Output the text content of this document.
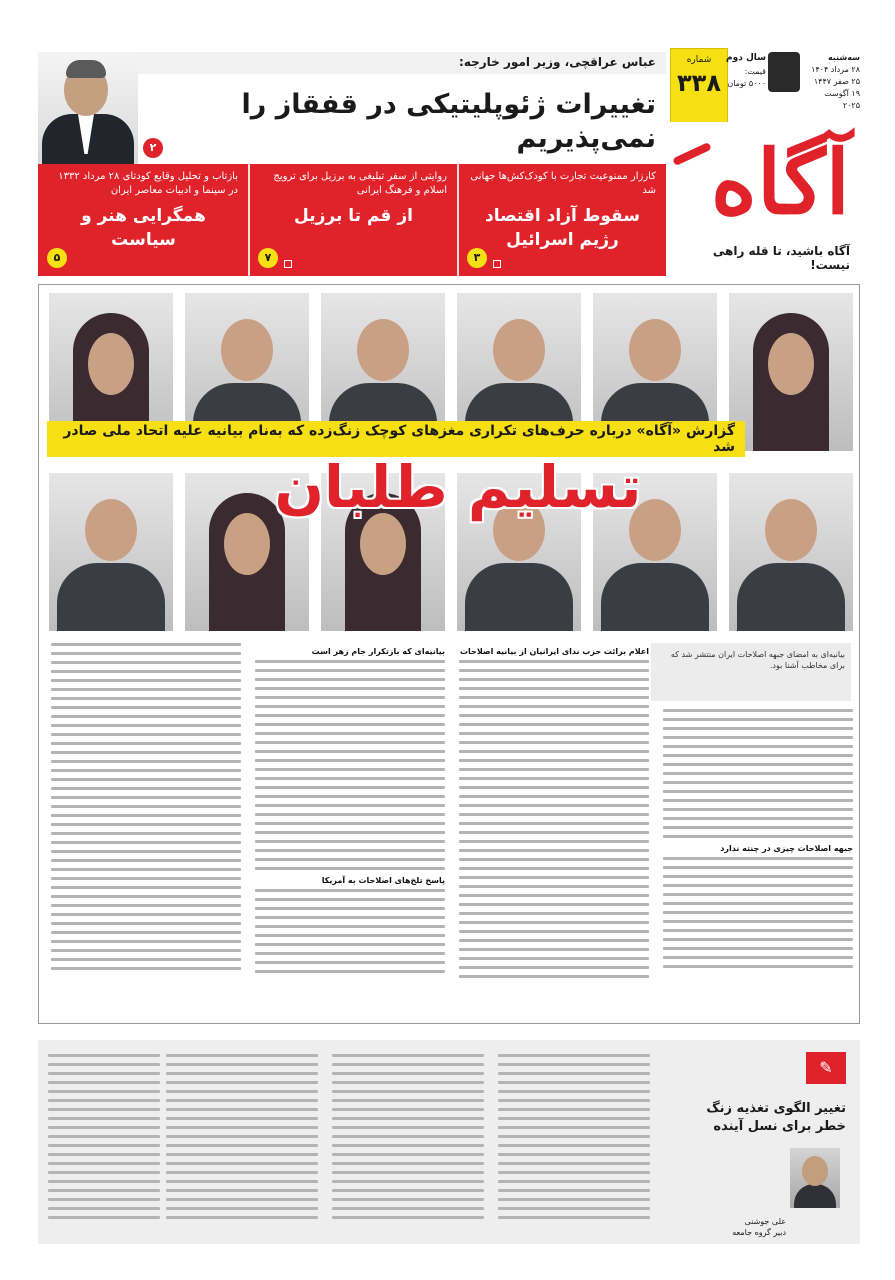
عباس عراقچی، وزیر امور خارجه:
تغییرات ژئوپلیتیکی در قفقاز را نمی‌پذیریم
۲
شماره
۳۳۸
سه‌شنبه
۲۸ مرداد ۱۴۰۴
۲۵ صفر ۱۴۴۷
۱۹ آگوست ۲۰۲۵
سال دوم
قیمت: ۵۰۰۰ تومان
آگاه
آگاه باشید، تا قله راهی نیست!
کارزار ممنوعیت تجارت با کودک‌کش‌ها جهانی شد
سقوط آزاد اقتصاد رژیم اسرائیل
۳
روایتی از سفر تبلیغی به برزیل برای ترویج اسلام و فرهنگ ایرانی
از قم تا برزیل
۷
بازتاب و تحلیل وقایع کودتای ۲۸ مرداد ۱۳۳۲ در سینما و ادبیات معاصر ایران
همگرایی هنر و سیاست
۵
گزارش «آگاه» درباره حرف‌های تکراری مغزهای کوچک زنگ‌زده که به‌نام بیانیه علیه اتحاد ملی صادر شد
تسلیم طلبان
جبهه اصلاحات چیزی در چنته ندارد
اعلام برائت حزب ندای ایرانیان از بیانیه اصلاحات
بیانیه‌ای که بازتکرار جام زهر است
پاسخ تلخ‌های اصلاحات به آمریکا
بیانیه‌ای به امضای جبهه اصلاحات ایران منتشر شد که برای مخاطب آشنا بود.
✎
تغییر الگوی تغذیه زنگ خطر برای نسل آینده
علی جوشنی
دبیر گروه جامعه
